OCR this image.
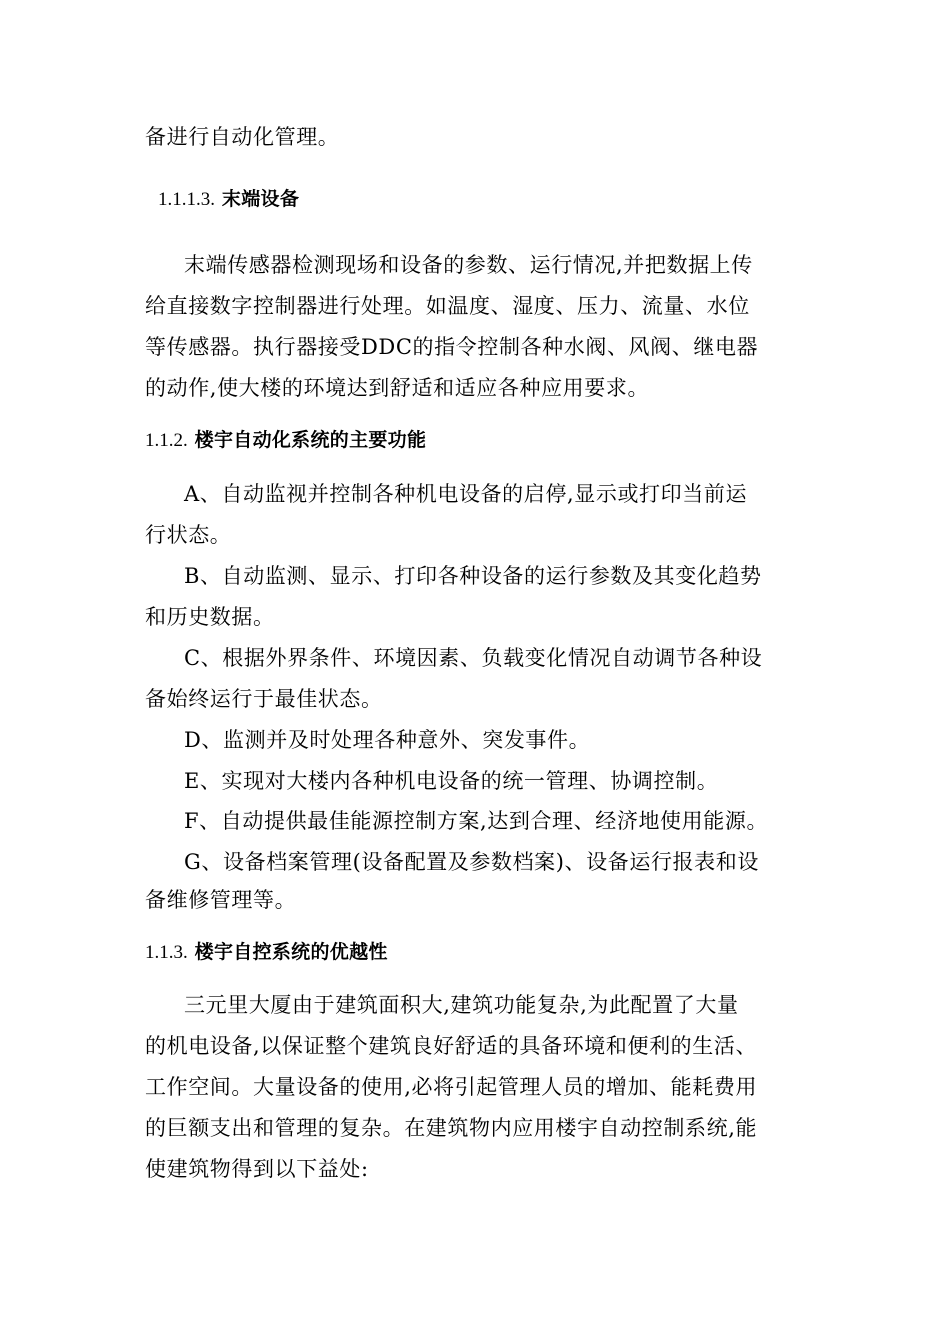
备进行自动化管理。
1.1.1.3. 末端设备
末端传感器检测现场和设备的参数、运行情况,并把数据上传
给直接数字控制器进行处理。如温度、湿度、压力、流量、水位
等传感器。执行器接受DDC的指令控制各种水阀、风阀、继电器
的动作,使大楼的环境达到舒适和适应各种应用要求。
1.1.2. 楼宇自动化系统的主要功能
A、自动监视并控制各种机电设备的启停,显示或打印当前运
行状态。
B、自动监测、显示、打印各种设备的运行参数及其变化趋势
和历史数据。
C、根据外界条件、环境因素、负载变化情况自动调节各种设
备始终运行于最佳状态。
D、监测并及时处理各种意外、突发事件。
E、实现对大楼内各种机电设备的统一管理、协调控制。
F、自动提供最佳能源控制方案,达到合理、经济地使用能源。
G、设备档案管理(设备配置及参数档案)、设备运行报表和设
备维修管理等。
1.1.3. 楼宇自控系统的优越性
三元里大厦由于建筑面积大,建筑功能复杂,为此配置了大量
的机电设备,以保证整个建筑良好舒适的具备环境和便利的生活、
工作空间。大量设备的使用,必将引起管理人员的增加、能耗费用
的巨额支出和管理的复杂。在建筑物内应用楼宇自动控制系统,能
使建筑物得到以下益处:
